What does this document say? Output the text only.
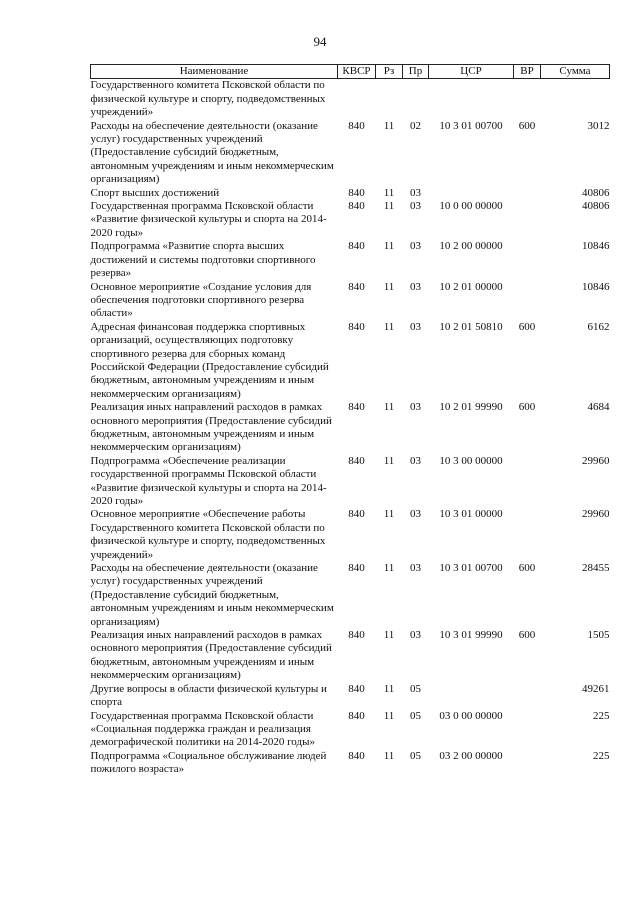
94
Наименование	КВСР	Рз	Пр	ЦСР	ВР	Сумма
Государственного комитета Псковской области по физической культуре и спорту, подведомственных учреждений»						
Расходы на обеспечение деятельности (оказание услуг) государственных учреждений (Предоставление субсидий бюджетным, автономным учреждениям и иным некоммерческим организациям)	840	11	02	10 3 01 00700	600	3012
Спорт высших достижений	840	11	03			40806
Государственная программа Псковской области «Развитие физической культуры и спорта на 2014-2020 годы»	840	11	03	10 0 00 00000		40806
Подпрограмма «Развитие спорта высших достижений и системы подготовки спортивного резерва»	840	11	03	10 2 00 00000		10846
Основное мероприятие «Создание условия для обеспечения подготовки спортивного резерва области»	840	11	03	10 2 01 00000		10846
Адресная финансовая поддержка спортивных организаций, осуществляющих подготовку спортивного резерва для сборных команд Российской Федерации (Предоставление субсидий бюджетным, автономным учреждениям и иным некоммерческим организациям)	840	11	03	10 2 01 50810	600	6162
Реализация иных направлений расходов в рамках основного мероприятия (Предоставление субсидий бюджетным, автономным учреждениям и иным некоммерческим организациям)	840	11	03	10 2 01 99990	600	4684
Подпрограмма «Обеспечение реализации государственной программы Псковской области «Развитие физической культуры и спорта на 2014-2020 годы»	840	11	03	10 3 00 00000		29960
Основное мероприятие «Обеспечение работы Государственного комитета Псковской области по физической культуре и спорту, подведомственных учреждений»	840	11	03	10 3 01 00000		29960
Расходы на обеспечение деятельности (оказание услуг) государственных учреждений (Предоставление субсидий бюджетным, автономным учреждениям и иным некоммерческим организациям)	840	11	03	10 3 01 00700	600	28455
Реализация иных направлений расходов в рамках основного мероприятия (Предоставление субсидий бюджетным, автономным учреждениям и иным некоммерческим организациям)	840	11	03	10 3 01 99990	600	1505
Другие вопросы в области физической культуры и спорта	840	11	05			49261
Государственная программа Псковской области «Социальная поддержка граждан и реализация демографической политики на 2014-2020 годы»	840	11	05	03 0 00 00000		225
Подпрограмма «Социальное обслуживание людей пожилого возраста»	840	11	05	03 2 00 00000		225
